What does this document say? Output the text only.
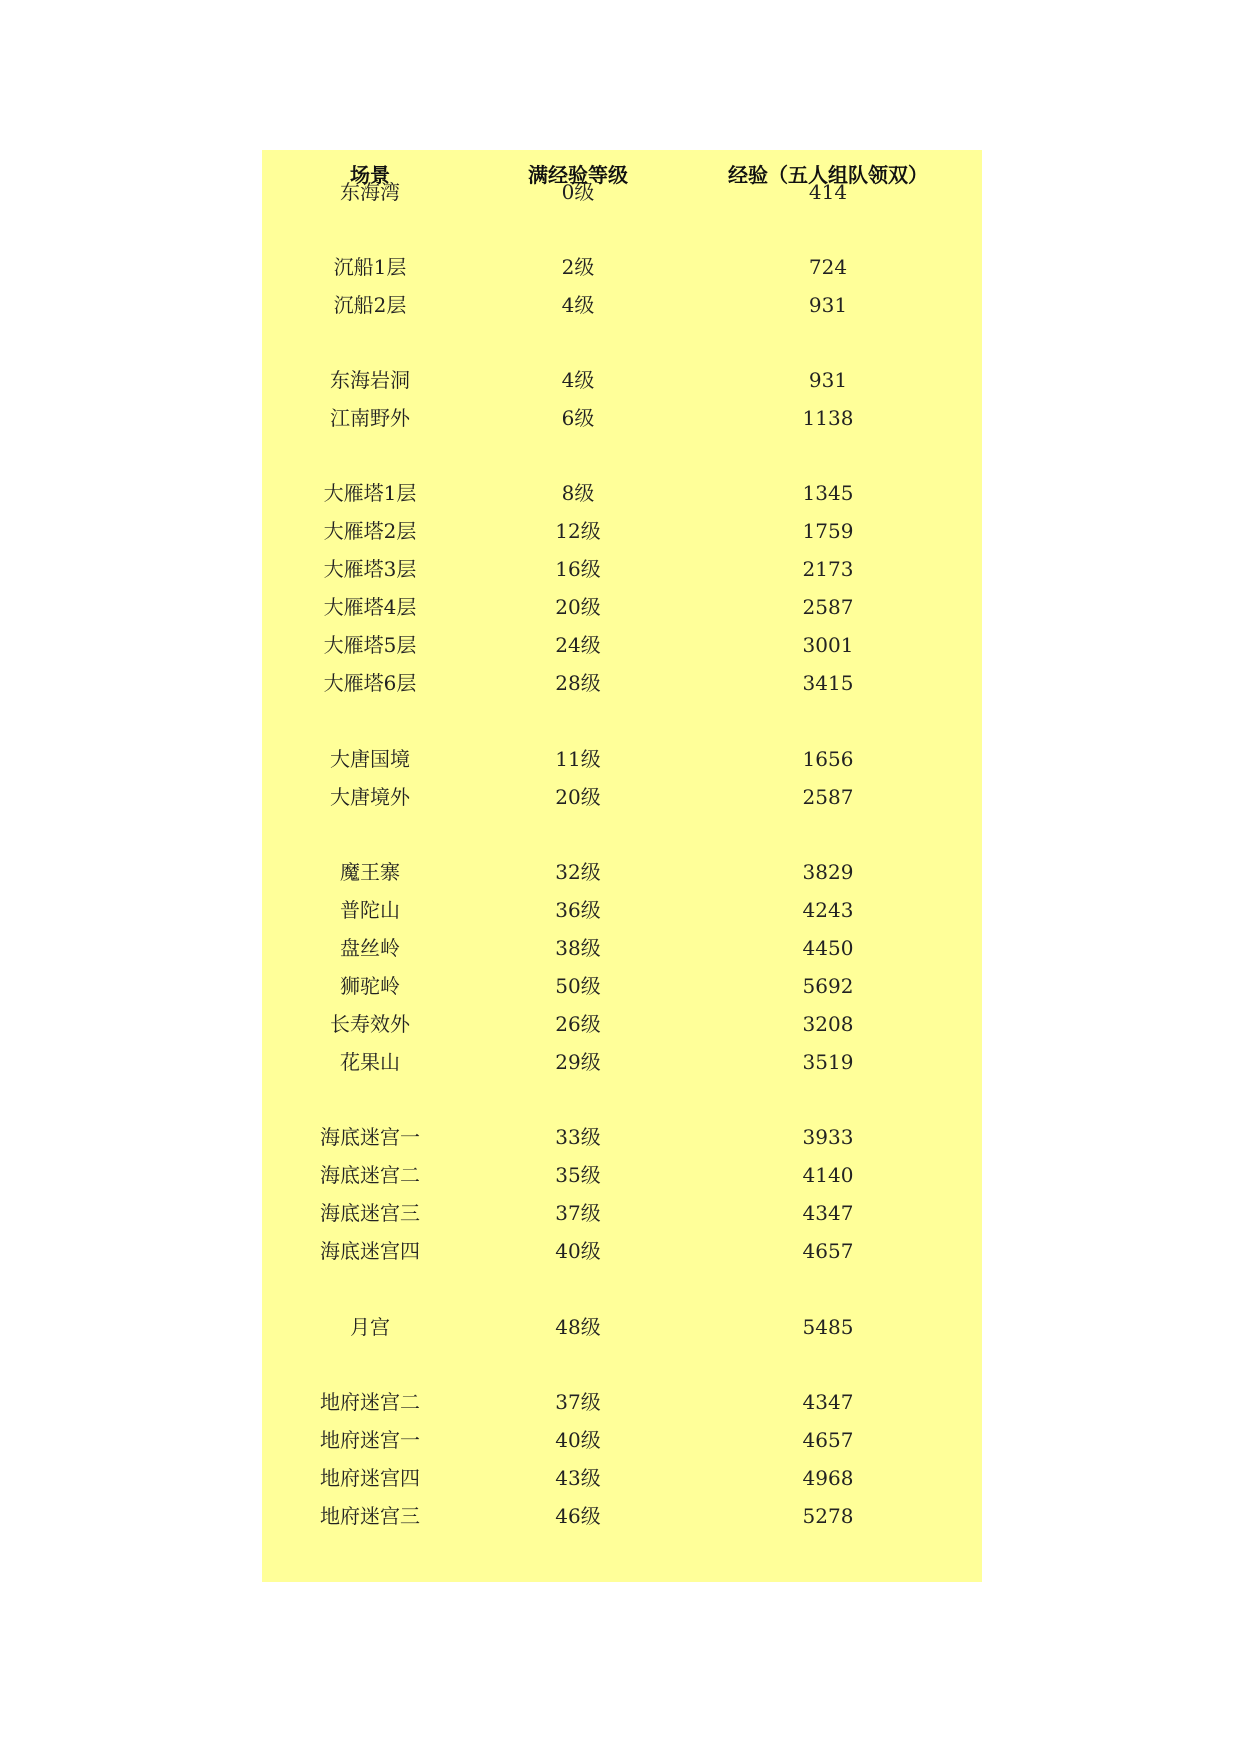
场景	满经验等级	经验（五人组队领双）
东海湾	0级	414
沉船1层	2级	724
沉船2层	4级	931
东海岩洞	4级	931
江南野外	6级	1138
大雁塔1层	8级	1345
大雁塔2层	12级	1759
大雁塔3层	16级	2173
大雁塔4层	20级	2587
大雁塔5层	24级	3001
大雁塔6层	28级	3415
大唐国境	11级	1656
大唐境外	20级	2587
魔王寨	32级	3829
普陀山	36级	4243
盘丝岭	38级	4450
狮驼岭	50级	5692
长寿效外	26级	3208
花果山	29级	3519
海底迷宫一	33级	3933
海底迷宫二	35级	4140
海底迷宫三	37级	4347
海底迷宫四	40级	4657
月宫	48级	5485
地府迷宫二	37级	4347
地府迷宫一	40级	4657
地府迷宫四	43级	4968
地府迷宫三	46级	5278
